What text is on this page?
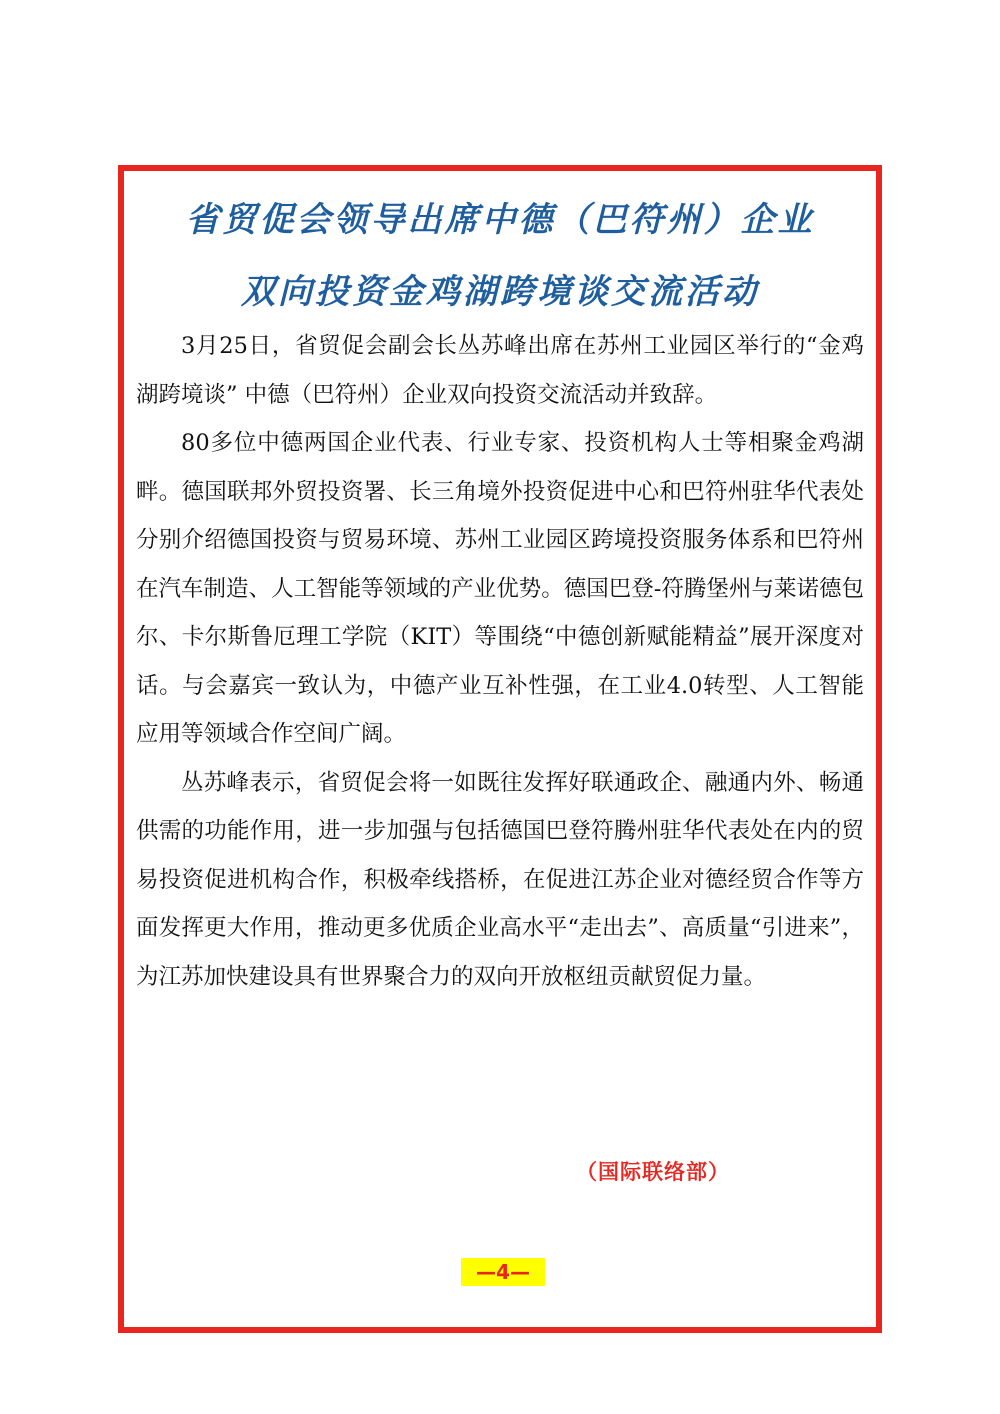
省贸促会领导出席中德（巴符州）企业
双向投资金鸡湖跨境谈交流活动

3月25日，省贸促会副会长丛苏峰出席在苏州工业园区举行的“金鸡湖跨境谈” 中德（巴符州）企业双向投资交流活动并致辞。

80多位中德两国企业代表、行业专家、投资机构人士等相聚金鸡湖畔。德国联邦外贸投资署、长三角境外投资促进中心和巴符州驻华代表处分别介绍德国投资与贸易环境、苏州工业园区跨境投资服务体系和巴符州在汽车制造、人工智能等领域的产业优势。德国巴登-符腾堡州与莱诺德包尔、卡尔斯鲁厄理工学院（KIT）等围绕“中德创新赋能精益”展开深度对话。与会嘉宾一致认为，中德产业互补性强，在工业4.0转型、人工智能应用等领域合作空间广阔。

丛苏峰表示，省贸促会将一如既往发挥好联通政企、融通内外、畅通供需的功能作用，进一步加强与包括德国巴登符腾州驻华代表处在内的贸易投资促进机构合作，积极牵线搭桥，在促进江苏企业对德经贸合作等方面发挥更大作用，推动更多优质企业高水平“走出去”、高质量“引进来”，为江苏加快建设具有世界聚合力的双向开放枢纽贡献贸促力量。

（国际联络部）
—4—
